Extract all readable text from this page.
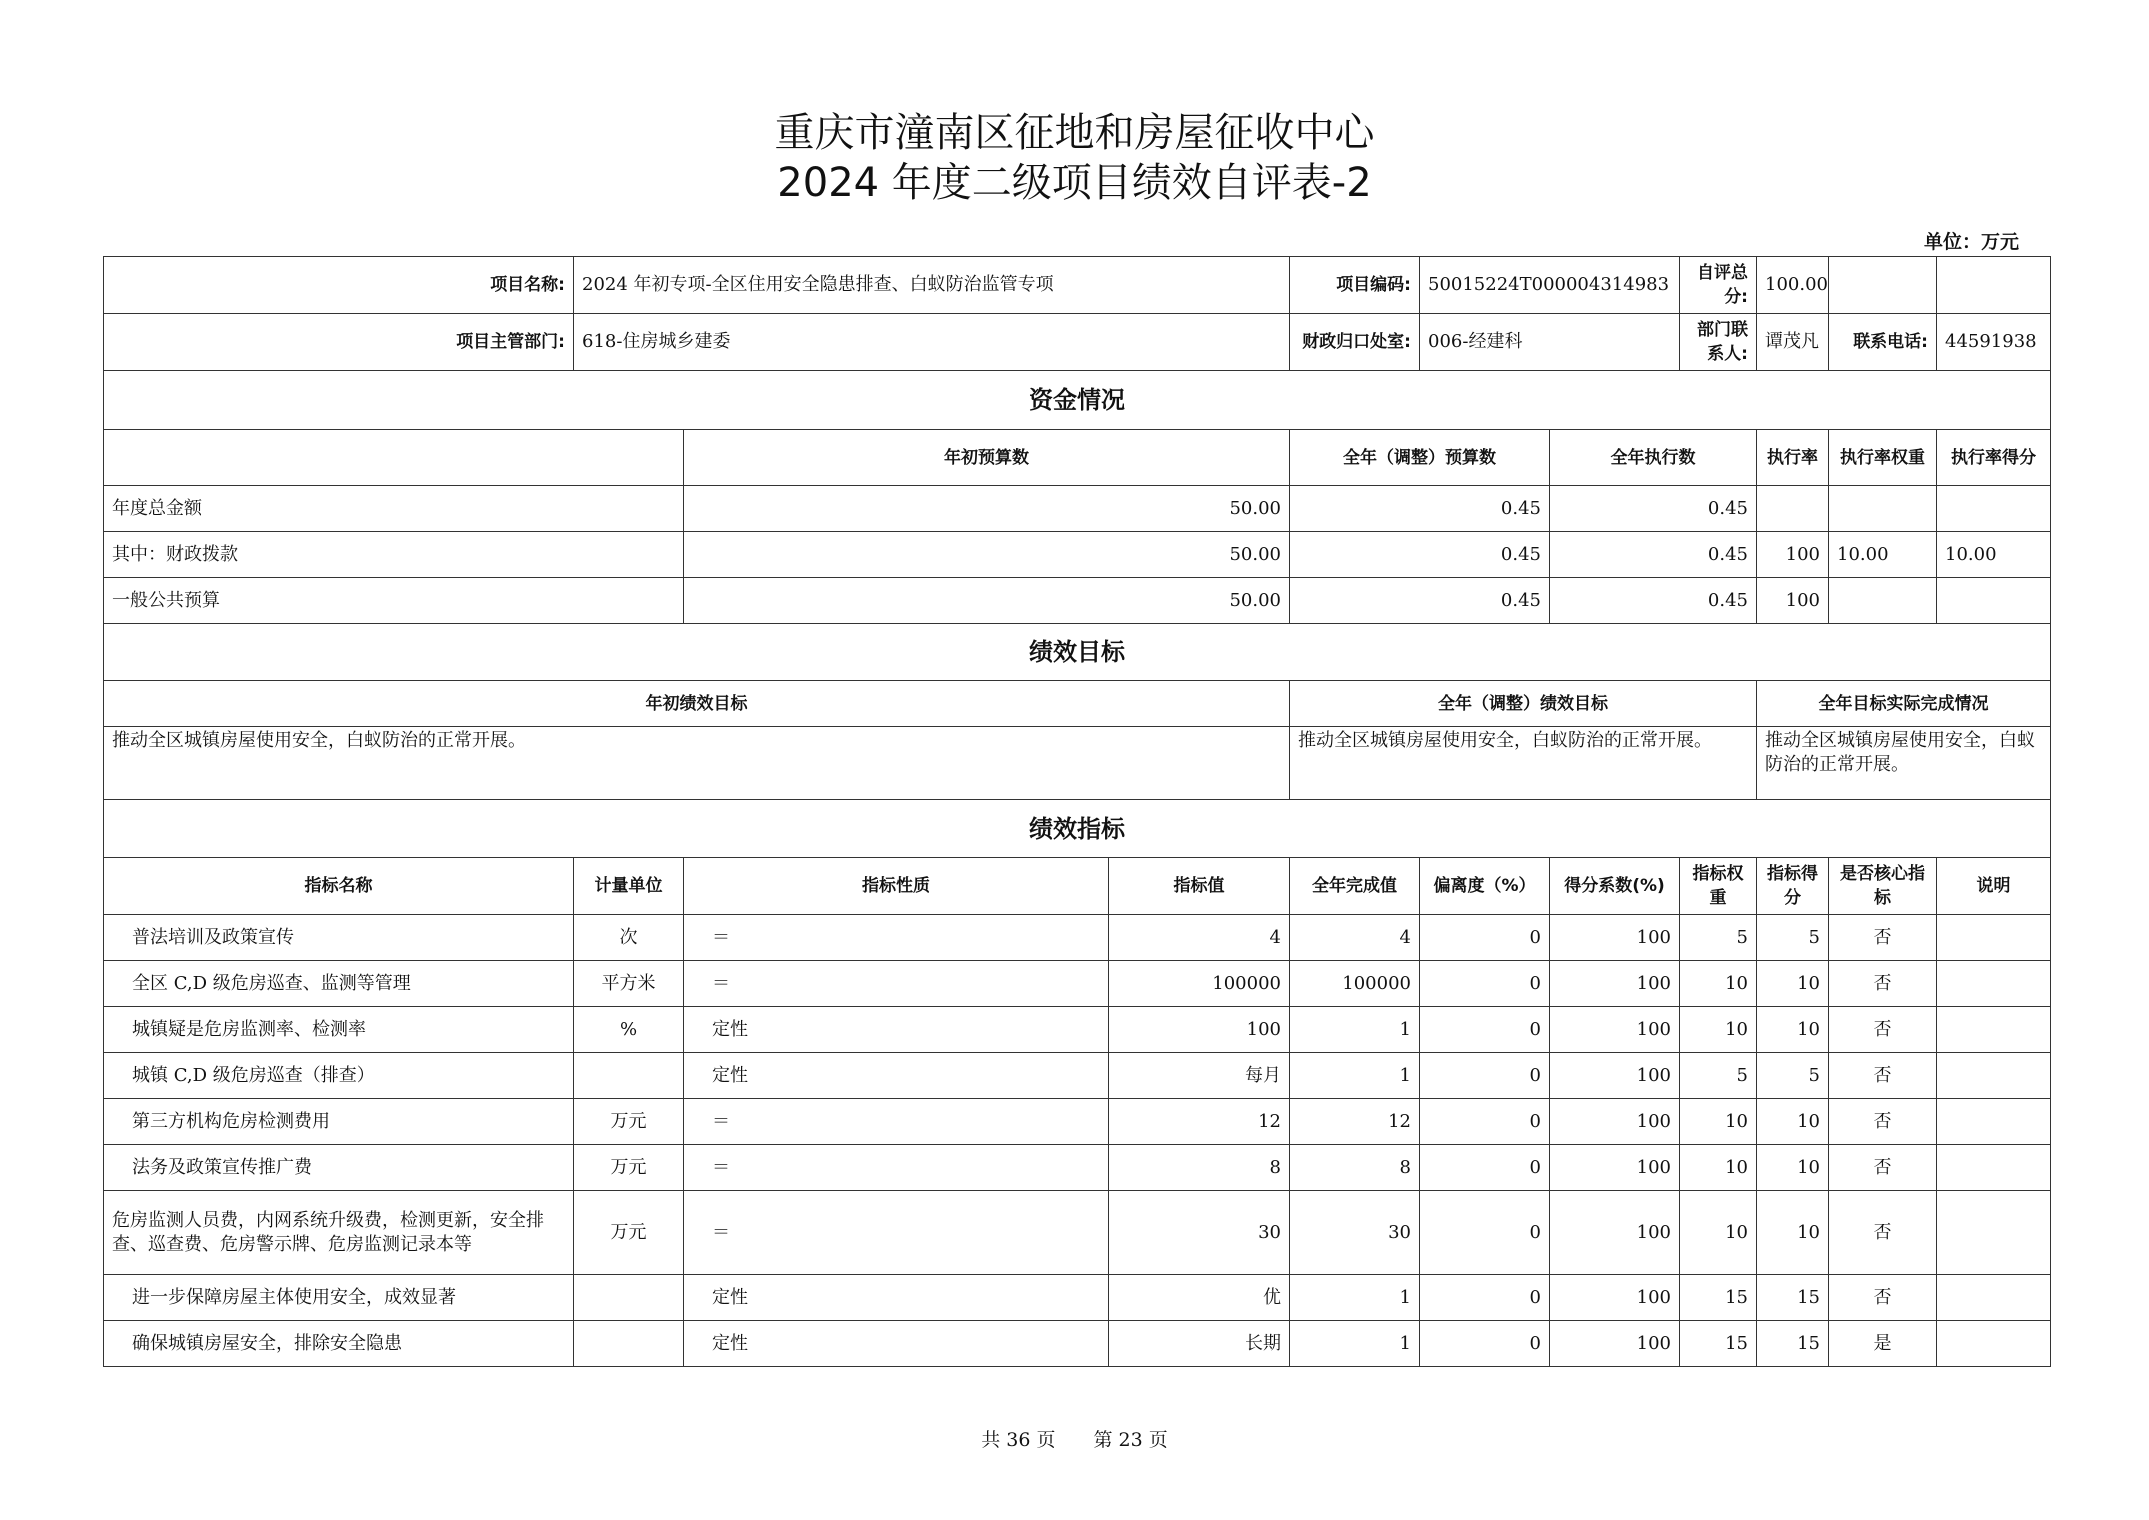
重庆市潼南区征地和房屋征收中心
2024 年度二级项目绩效自评表-2
单位：万元
项目名称:	2024 年初专项-全区住用安全隐患排查、白蚁防治监管专项			项目编码:	50015224T000004314983		自评总分:	100.00		
项目主管部门:	618-住房城乡建委			财政归口处室:	006-经建科		部门联系人:	谭茂凡	联系电话:	44591938
资金情况										
		年初预算数		全年（调整）预算数		全年执行数		执行率	执行率权重	执行率得分
年度总金额		50.00		0.45		0.45				
其中：财政拨款		50.00		0.45		0.45		100	10.00	10.00
一般公共预算		50.00		0.45		0.45		100		
绩效目标										
年初绩效目标				全年（调整）绩效目标				全年目标实际完成情况		
推动全区城镇房屋使用安全，白蚁防治的正常开展。				推动全区城镇房屋使用安全，白蚁防治的正常开展。				推动全区城镇房屋使用安全，白蚁防治的正常开展。		
绩效指标										
指标名称	计量单位	指标性质	指标值	全年完成值	偏离度（%）	得分系数(%)	指标权重	指标得分	是否核心指标	说明
普法培训及政策宣传	次	＝	4	4	0	100	5	5	否	
全区 C,D 级危房巡查、监测等管理	平方米	＝	100000	100000	0	100	10	10	否	
城镇疑是危房监测率、检测率	%	定性	100	1	0	100	10	10	否	
城镇 C,D 级危房巡查（排查）		定性	每月	1	0	100	5	5	否	
第三方机构危房检测费用	万元	＝	12	12	0	100	10	10	否	
法务及政策宣传推广费	万元	＝	8	8	0	100	10	10	否	
危房监测人员费，内网系统升级费，检测更新，安全排查、巡查费、危房警示牌、危房监测记录本等	万元	＝	30	30	0	100	10	10	否	
进一步保障房屋主体使用安全，成效显著		定性	优	1	0	100	15	15	否	
确保城镇房屋安全，排除安全隐患		定性	长期	1	0	100	15	15	是	
共 36 页 第 23 页
